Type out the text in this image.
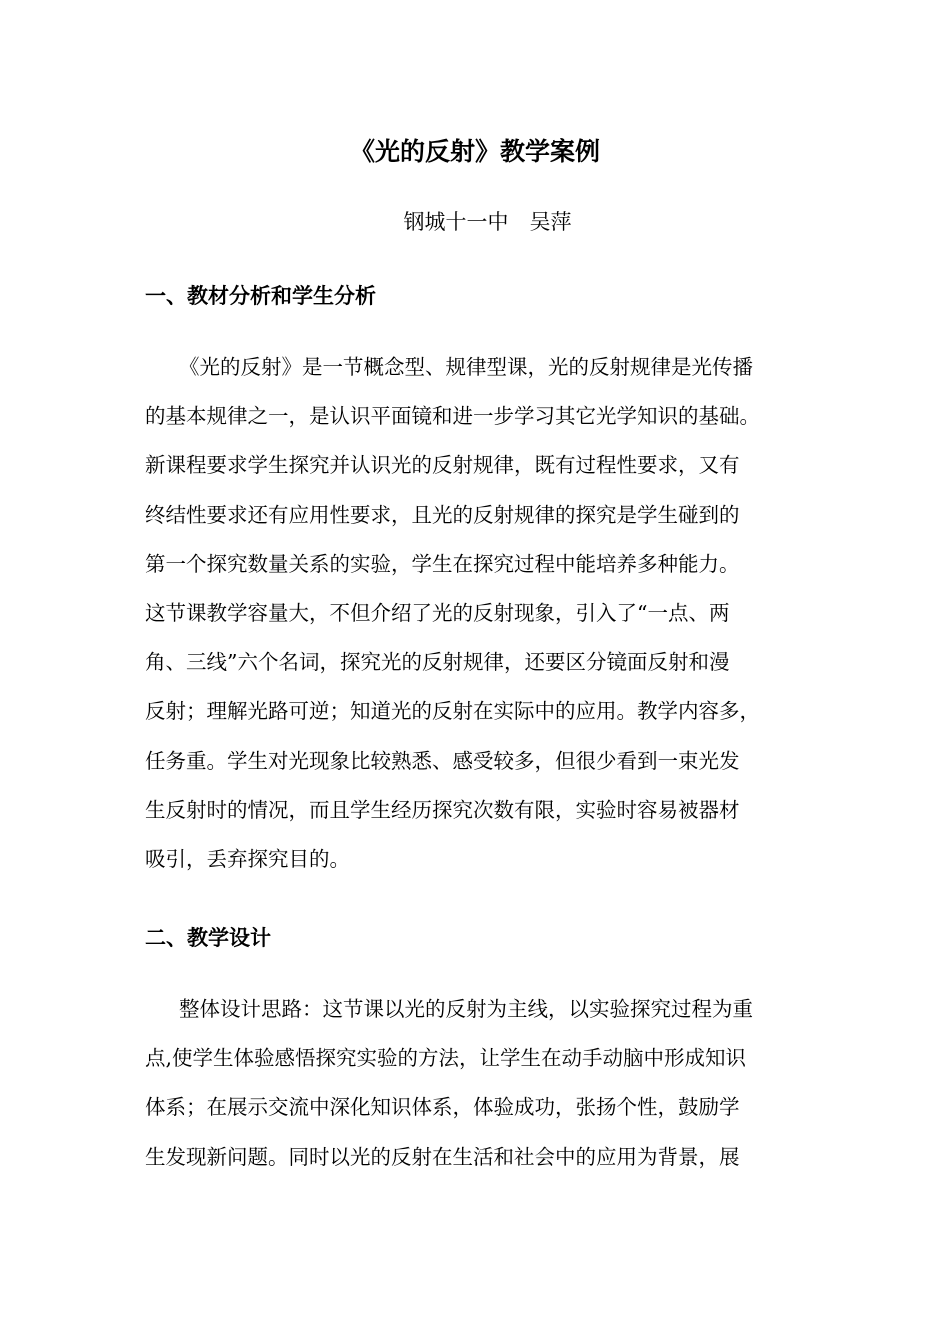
《光的反射》教学案例

钢城十一中　吴萍

一、教材分析和学生分析
《光的反射》是一节概念型、规律型课，光的反射规律是光传播
的基本规律之一，是认识平面镜和进一步学习其它光学知识的基础。
新课程要求学生探究并认识光的反射规律，既有过程性要求，又有
终结性要求还有应用性要求，且光的反射规律的探究是学生碰到的
第一个探究数量关系的实验，学生在探究过程中能培养多种能力。
这节课教学容量大，不但介绍了光的反射现象，引入了“一点、两
角、三线”六个名词，探究光的反射规律，还要区分镜面反射和漫
反射；理解光路可逆；知道光的反射在实际中的应用。教学内容多，
任务重。学生对光现象比较熟悉、感受较多，但很少看到一束光发
生反射时的情况，而且学生经历探究次数有限，实验时容易被器材
吸引，丢弃探究目的。
二、教学设计
整体设计思路：这节课以光的反射为主线，以实验探究过程为重
点,使学生体验感悟探究实验的方法，让学生在动手动脑中形成知识
体系；在展示交流中深化知识体系，体验成功，张扬个性，鼓励学
生发现新问题。同时以光的反射在生活和社会中的应用为背景，展
